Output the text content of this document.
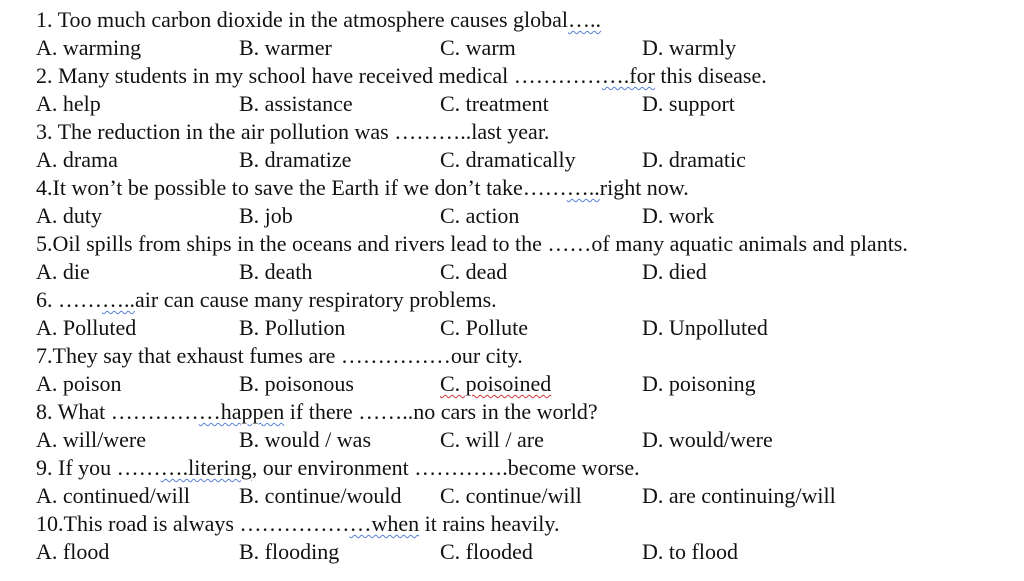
1. Too much carbon dioxide in the atmosphere causes global…..
A. warming	B. warmer	C. warm	D. warmly
2. Many students in my school have received medical …………….for this disease.
A. help	B. assistance	C. treatment	D. support
3. The reduction in the air pollution was ………..last year.
A. drama	B. dramatize	C. dramatically	D. dramatic
4.It won’t be possible to save the Earth if we don’t take………..right now.
A. duty	B. job	C. action	D. work
5.Oil spills from ships in the oceans and rivers lead to the ……of many aquatic animals and plants.
A. die	B. death	C. dead	D. died
6. ………..air can cause many respiratory problems.
A. Polluted	B. Pollution	C. Pollute	D. Unpolluted
7.They say that exhaust fumes are ……………our city.
A. poison	B. poisonous	C. poisoined	D. poisoning
8. What ……………happen if there ……..no cars in the world?
A. will/were	B. would / was	C. will / are	D. would/were
9. If you ……….litering, our environment ………….become worse.
A. continued/will B. continue/would C. continue/will	D. are continuing/will
10.This road is always ………………when it rains heavily.
A. flood	B. flooding	C. flooded	D. to flood
